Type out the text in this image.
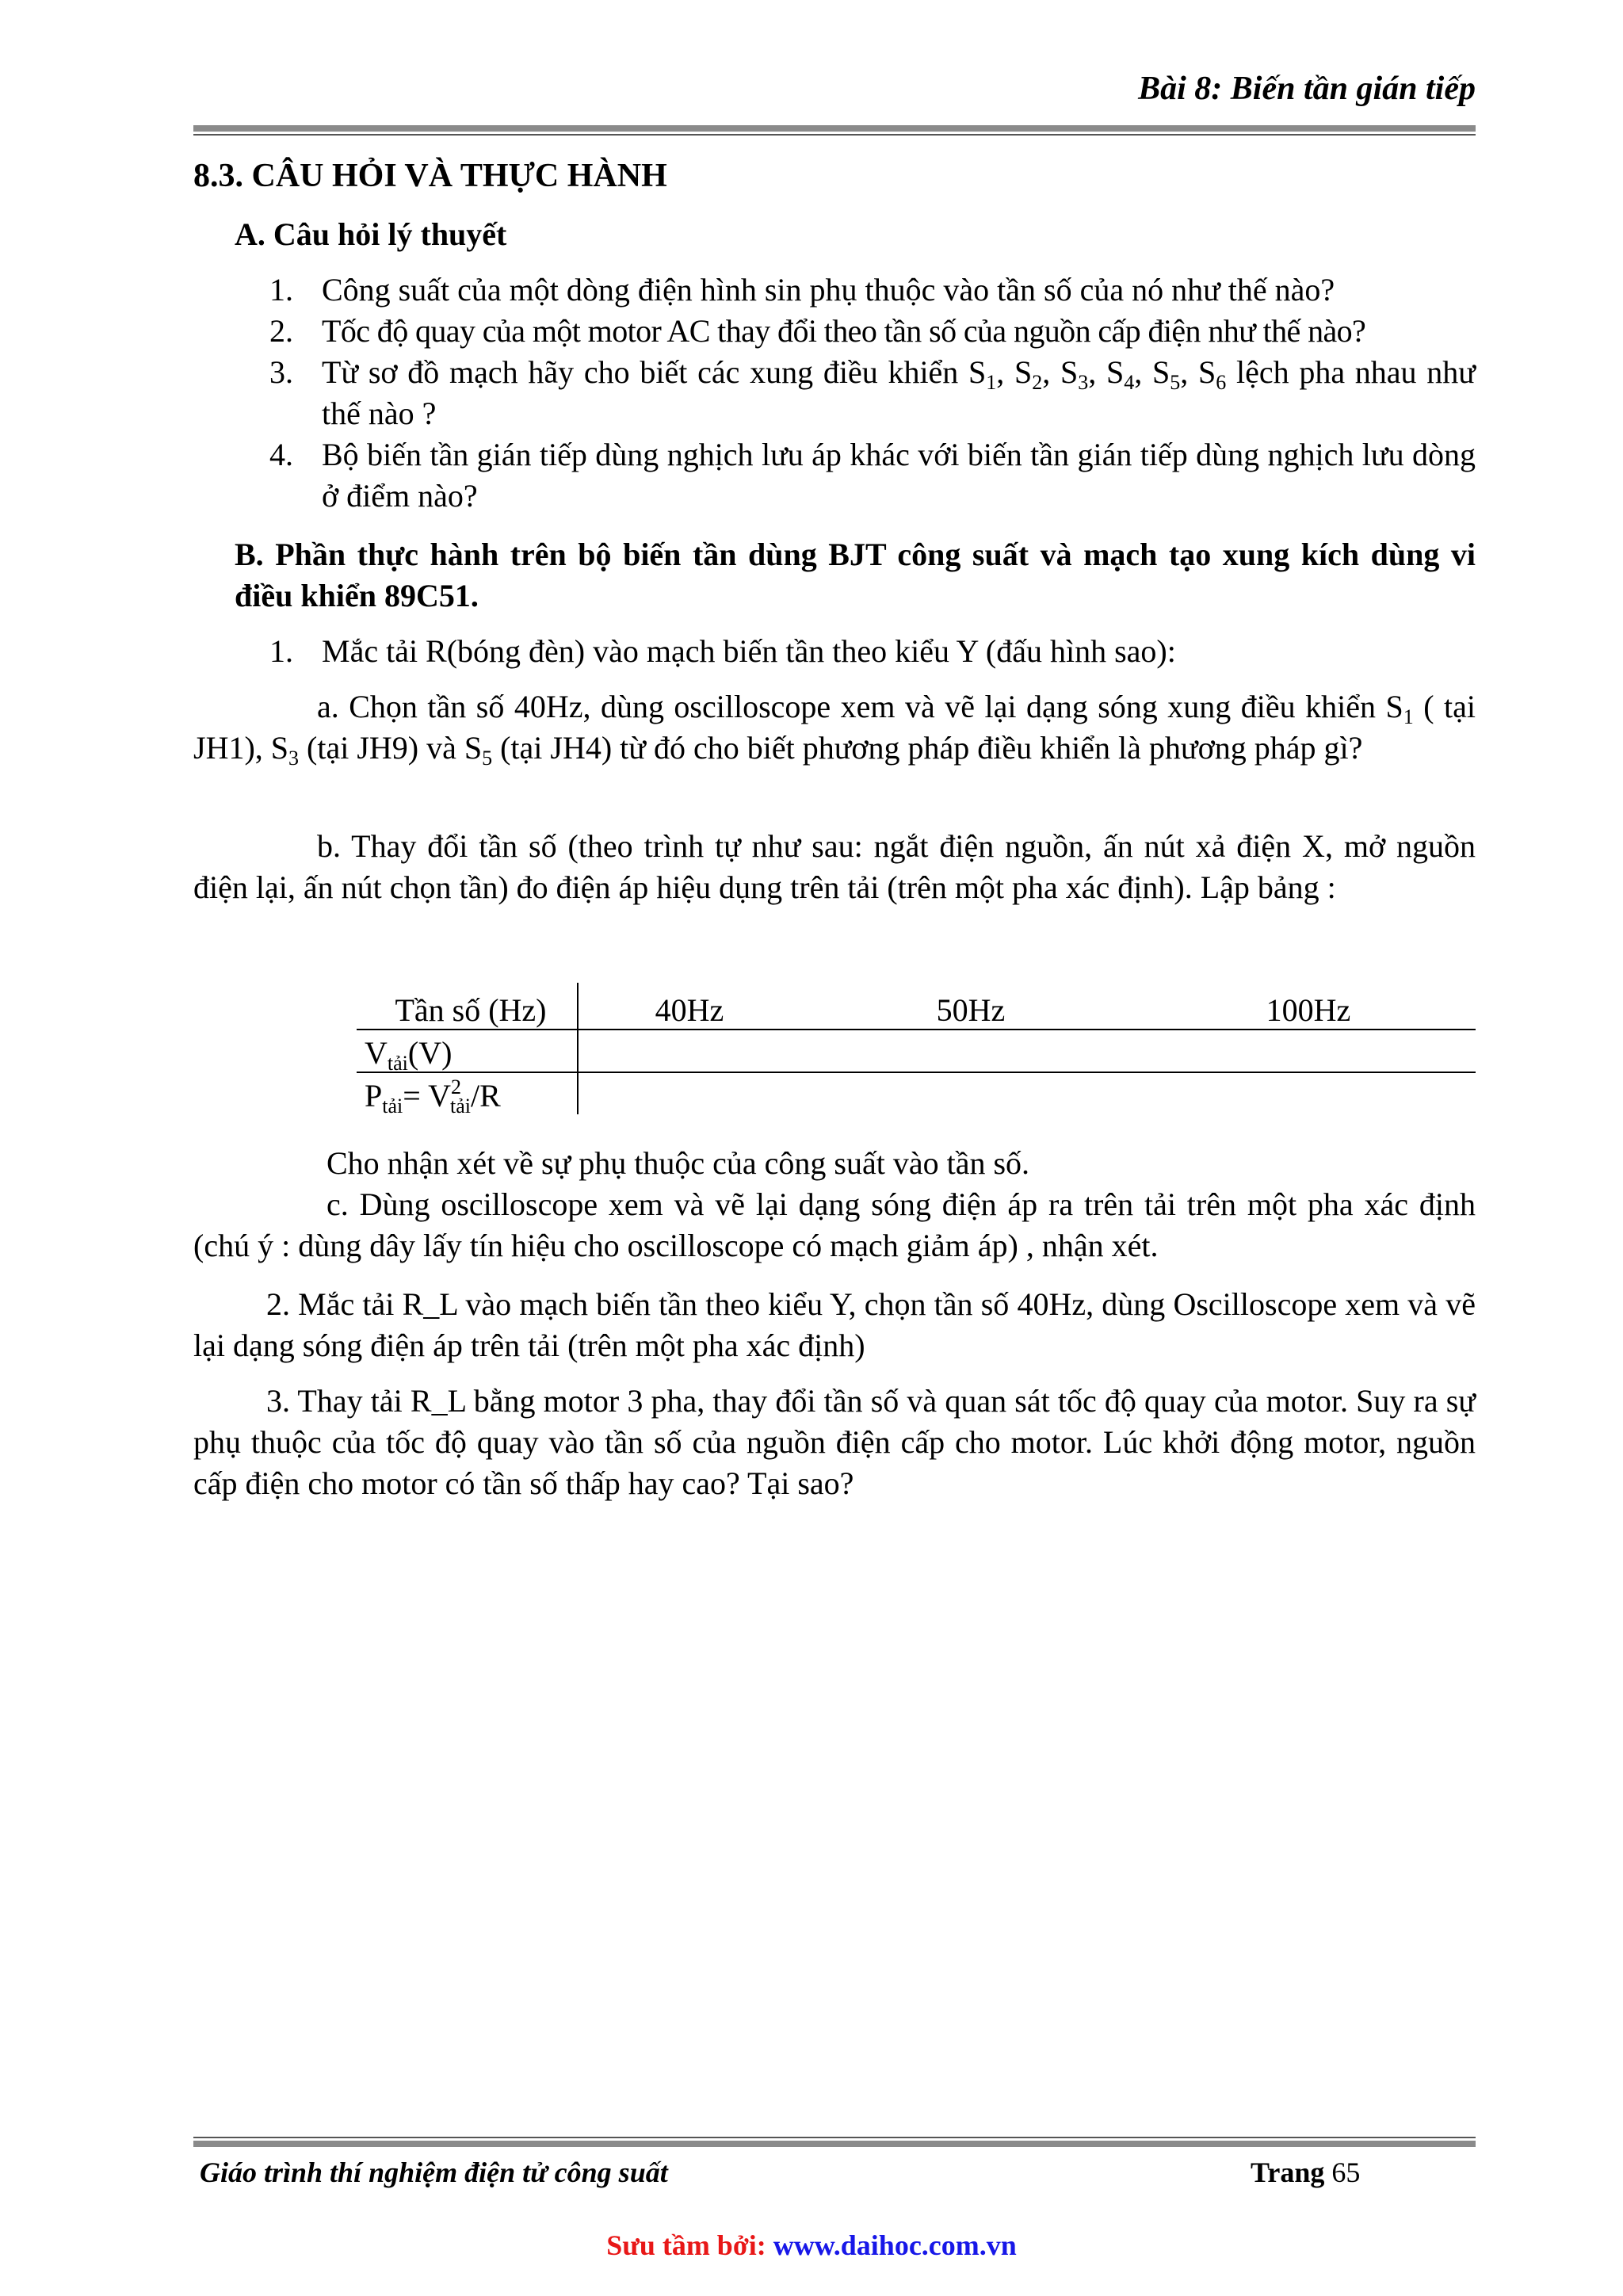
Bài 8: Biến tần gián tiếp
8.3. CÂU HỎI VÀ THỰC HÀNH
A. Câu hỏi lý thuyết
1. Công suất của một dòng điện hình sin phụ thuộc vào tần số của nó như thế nào?
2. Tốc độ quay của một motor AC thay đổi theo tần số của nguồn cấp điện như thế nào?
3. Từ sơ đồ mạch hãy cho biết các xung điều khiển $S_1$, $S_2$, $S_3$, $S_4$, $S_5$, $S_6$ lệch pha nhau như thế nào ?
4. Bộ biến tần gián tiếp dùng nghịch lưu áp khác với biến tần gián tiếp dùng nghịch lưu dòng ở điểm nào?
B. Phần thực hành trên bộ biến tần dùng BJT công suất và mạch tạo xung kích dùng vi điều khiển 89C51.
1. Mắc tải R(bóng đèn) vào mạch biến tần theo kiểu Y (đấu hình sao):
a. Chọn tần số 40Hz, dùng oscilloscope xem và vẽ lại dạng sóng xung điều khiển $S_1$ ( tại JH1), $S_3$ (tại JH9) và $S_5$ (tại JH4) từ đó cho biết phương pháp điều khiển là phương pháp gì?
b. Thay đổi tần số (theo trình tự như sau: ngắt điện nguồn, ấn nút xả điện X, mở nguồn điện lại, ấn nút chọn tần) đo điện áp hiệu dụng trên tải (trên một pha xác định). Lập bảng :
Tần số (Hz)	40Hz	50Hz	100Hz
$V_{tải}(V)$			
$P_{tải}= V^2_{tải}/R$			
Cho nhận xét về sự phụ thuộc của công suất vào tần số.
c. Dùng oscilloscope xem và vẽ lại dạng sóng điện áp ra trên tải trên một pha xác định (chú ý : dùng dây lấy tín hiệu cho oscilloscope có mạch giảm áp) , nhận xét.
2. Mắc tải R_L vào mạch biến tần theo kiểu Y, chọn tần số 40Hz, dùng Oscilloscope xem và vẽ lại dạng sóng điện áp trên tải (trên một pha xác định)
3. Thay tải R_L bằng motor 3 pha, thay đổi tần số và quan sát tốc độ quay của motor. Suy ra sự phụ thuộc của tốc độ quay vào tần số của nguồn điện cấp cho motor. Lúc khởi động motor, nguồn cấp điện cho motor có tần số thấp hay cao? Tại sao?
Giáo trình thí nghiệm điện tử công suất	Trang 65
Sưu tầm bởi: www.daihoc.com.vn
